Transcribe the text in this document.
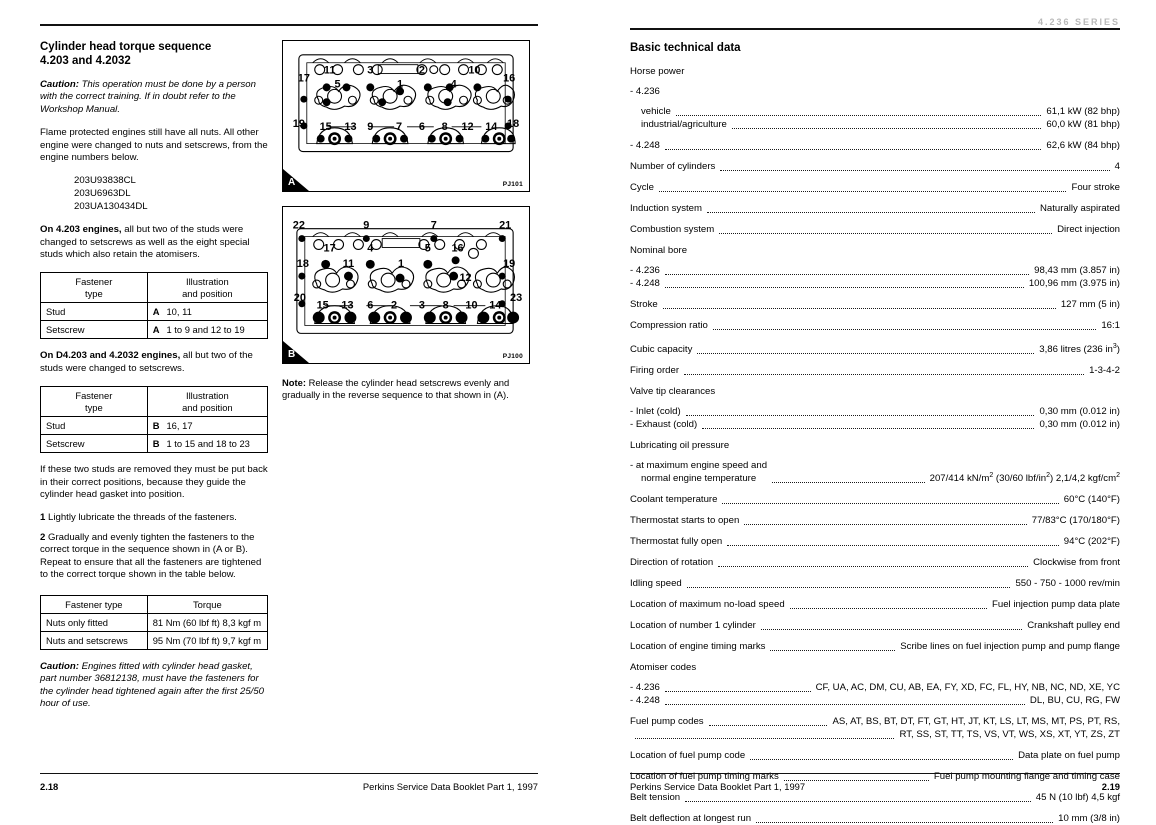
Cylinder head torque sequence
4.203 and 4.2032

Caution: This operation must be done by a person with the correct training. If in doubt refer to the Workshop Manual.

Flame protected engines still have all nuts. All other engine were changed to nuts and setscrews, from the engine numbers below.

203U93838CL
203U6963DL
203UA130434DL

On 4.203 engines, all but two of the studs were changed to setscrews as well as the eight special studs which also retain the atomisers.

Fastener
type	Illustration
and position
Stud	A 10, 11
Setscrew	A 1 to 9 and 12 to 19

On D4.203 and 4.2032 engines, all but two of the studs were changed to setscrews.

Fastener
type	Illustration
and position
Stud	B 16, 17
Setscrew	B 1 to 15 and 18 to 23

If these two studs are removed they must be put back in their correct positions, because they guide the cylinder head gasket into position.

1 Lightly lubricate the threads of the fasteners.

2 Gradually and evenly tighten the fasteners to the correct torque in the sequence shown in (A or B). Repeat to ensure that all the fasteners are tightened to the correct torque shown in the table below.

Fastener type	Torque
Nuts only fitted	81 Nm (60 lbf ft) 8,3 kgf m
Nuts and setscrews	95 Nm (70 lbf ft) 9,7 kgf m

Caution: Engines fitted with cylinder head gasket, part number 36812138, must have the fasteners for the cylinder head tightened again after the first 25/50 hour of use.

17
11
5
3
1
2
4
10
16
19	18
15 13 9 7 6 8 12 14
A	PJ101
22	9	7	21
17	4	5 16
18	11	1
12
19
20	23
15 13 6 2 3 8 10 14
B	PJ100

Note: Release the cylinder head setscrews evenly and gradually in the reverse sequence to that shown in (A).

2.18	Perkins Service Data Booklet Part 1, 1997
4.236 SERIES
Basic technical data
Horse power
- 4.236
vehicle	61,1 kW (82 bhp)
industrial/agriculture	60,0 kW (81 bhp)
- 4.248	62,6 kW (84 bhp)
Number of cylinders	4
Cycle	Four stroke
Induction system	Naturally aspirated
Combustion system	Direct injection
Nominal bore
- 4.236	98,43 mm (3.857 in)
- 4.248	100,96 mm (3.975 in)
Stroke	127 mm (5 in)
Compression ratio	16:1
Cubic capacity	3,86 litres (236 $in^3$)
Firing order	1-3-4-2
Valve tip clearances
- Inlet (cold)	0,30 mm (0.012 in)
- Exhaust (cold)	0,30 mm (0.012 in)
Lubricating oil pressure
- at maximum engine speed and
normal engine temperature	207/414 $kN/m^2$ (30/60 lbf/$in^2$) 2,1/4,2 kgf/$cm^2$
Coolant temperature	60°C (140°F)
Thermostat starts to open	77/83°C (170/180°F)
Thermostat fully open	94°C (202°F)
Direction of rotation	Clockwise from front
Idling speed	550 - 750 - 1000 rev/min
Location of maximum no-load speed	Fuel injection pump data plate
Location of number 1 cylinder	Crankshaft pulley end
Location of engine timing marks	Scribe lines on fuel injection pump and pump flange
Atomiser codes
- 4.236	CF, UA, AC, DM, CU, AB, EA, FY, XD, FC, FL, HY, NB, NC, ND, XE, YC
- 4.248	DL, BU, CU, RG, FW
Fuel pump codes	AS, AT, BS, BT, DT, FT, GT, HT, JT, KT, LS, LT, MS, MT, PS, PT, RS,
RT, SS, ST, TT, TS, VS, VT, WS, XS, XT, YT, ZS, ZT
Location of fuel pump code	Data plate on fuel pump
Location of fuel pump timing marks	Fuel pump mounting flange and timing case
Belt tension	45 N (10 lbf) 4,5 kgf
Belt deflection at longest run	10 mm (3/8 in)
Perkins Service Data Booklet Part 1, 1997	2.19
